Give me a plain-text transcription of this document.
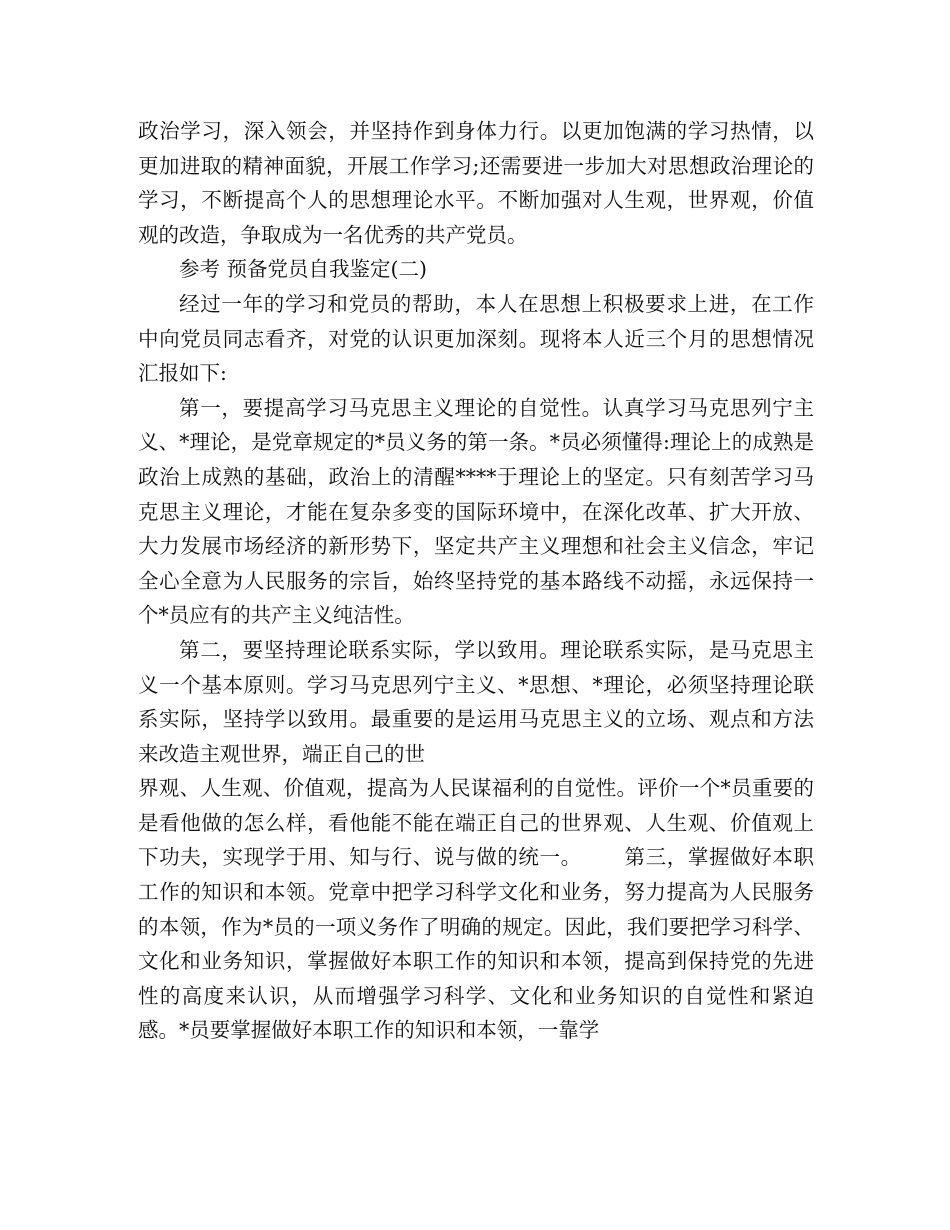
政治学习，深入领会，并坚持作到身体力行。以更加饱满的学习热情，以更加进取的精神面貌，开展工作学习;还需要进一步加大对思想政治理论的学习，不断提高个人的思想理论水平。不断加强对人生观，世界观，价值观的改造，争取成为一名优秀的共产党员。

参考 预备党员自我鉴定(二)

经过一年的学习和党员的帮助，本人在思想上积极要求上进，在工作中向党员同志看齐，对党的认识更加深刻。现将本人近三个月的思想情况汇报如下:

第一，要提高学习马克思主义理论的自觉性。认真学习马克思列宁主义、*理论，是党章规定的*员义务的第一条。*员必须懂得:理论上的成熟是政治上成熟的基础，政治上的清醒****于理论上的坚定。只有刻苦学习马克思主义理论，才能在复杂多变的国际环境中，在深化改革、扩大开放、大力发展市场经济的新形势下，坚定共产主义理想和社会主义信念，牢记全心全意为人民服务的宗旨，始终坚持党的基本路线不动摇，永远保持一个*员应有的共产主义纯洁性。

第二，要坚持理论联系实际，学以致用。理论联系实际，是马克思主义一个基本原则。学习马克思列宁主义、*思想、*理论，必须坚持理论联系实际，坚持学以致用。最重要的是运用马克思主义的立场、观点和方法来改造主观世界，端正自己的世

界观、人生观、价值观，提高为人民谋福利的自觉性。评价一个*员重要的是看他做的怎么样，看他能不能在端正自己的世界观、人生观、价值观上下功夫，实现学于用、知与行、说与做的统一。 第三，掌握做好本职工作的知识和本领。党章中把学习科学文化和业务，努力提高为人民服务的本领，作为*员的一项义务作了明确的规定。因此，我们要把学习科学、文化和业务知识，掌握做好本职工作的知识和本领，提高到保持党的先进性的高度来认识，从而增强学习科学、文化和业务知识的自觉性和紧迫感。*员要掌握做好本职工作的知识和本领，一靠学
